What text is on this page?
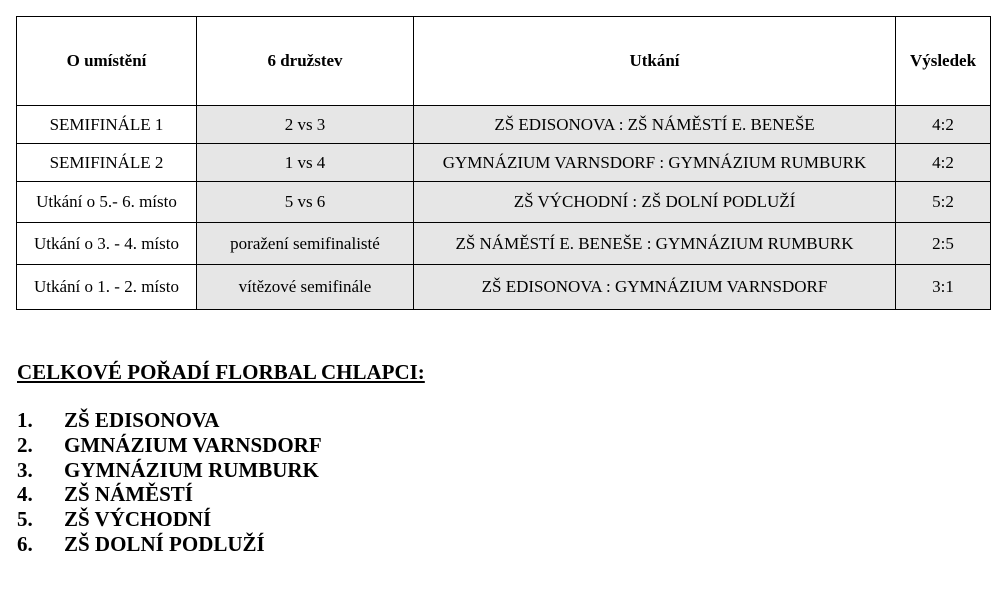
O umístění	6 družstev	Utkání	Výsledek
SEMIFINÁLE 1	2 vs 3	ZŠ EDISONOVA : ZŠ NÁMĚSTÍ E. BENEŠE	4:2
SEMIFINÁLE 2	1 vs 4	GYMNÁZIUM VARNSDORF : GYMNÁZIUM RUMBURK	4:2
Utkání o 5.- 6. místo	5 vs 6	ZŠ VÝCHODNÍ : ZŠ DOLNÍ PODLUŽÍ	5:2
Utkání o 3. - 4. místo	poražení semifinalisté	ZŠ NÁMĚSTÍ E. BENEŠE : GYMNÁZIUM RUMBURK	2:5
Utkání o 1. - 2. místo	vítězové semifinále	ZŠ EDISONOVA : GYMNÁZIUM VARNSDORF	3:1

CELKOVÉ POŘADÍ FLORBAL CHLAPCI:

1.	ZŠ EDISONOVA
2.	GMNÁZIUM VARNSDORF
3.	GYMNÁZIUM RUMBURK
4.	ZŠ NÁMĚSTÍ
5.	ZŠ VÝCHODNÍ
6.	ZŠ DOLNÍ PODLUŽÍ
